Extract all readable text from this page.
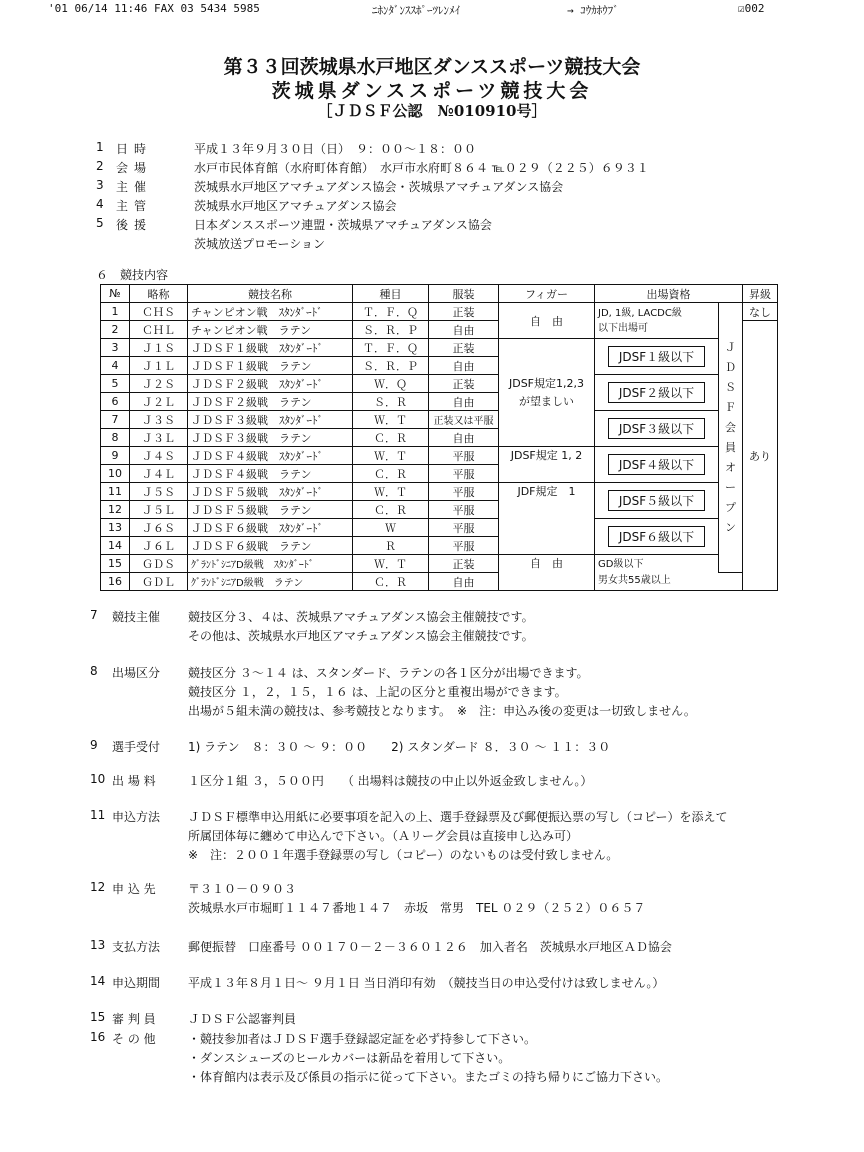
'01 06/14 11:46 FAX 03 5434 5985	ﾆﾎﾝﾀﾞﾝｽｽﾎﾟｰﾂﾚﾝﾒｲ	→ ｺｳｶﾎｳﾌﾞ	☑002
第３３回茨城県水戸地区ダンススポーツ競技大会
茨城県ダンススポーツ競技大会
［ＪＤＳＦ公認　№010910号］
1	日時	平成１３年９月３０日（日）　９：００～１８：００
2	会場	水戸市民体育館（水府町体育館）　水戸市水府町８６４ ℡０２９（２２５）６９３１
3	主催	茨城県水戸地区アマチュアダンス協会・茨城県アマチュアダンス協会
4	主管	茨城県水戸地区アマチュアダンス協会
5	後援	日本ダンススポーツ連盟・茨城県アマチュアダンス協会
茨城放送プロモーション
６　競技内容
№	略称	競技名称	種目	服装	フィガー	出場資格		昇級
1	ＣＨＳ	チャンピオン戦　ｽﾀﾝﾀﾞｰﾄﾞ	Ｔ．Ｆ．Ｑ	正装	自　由	JD, 1級, LACDC級
以下出場可	ＪＤＳＦ会員オープン	なし
2	ＣＨＬ	チャンピオン戦　ラテン	Ｓ．Ｒ．Ｐ	自由				あり
3	Ｊ１Ｓ	ＪＤＳＦ１級戦　ｽﾀﾝﾀﾞｰﾄﾞ	Ｔ．Ｆ．Ｑ	正装	JDSF規定1,2,3
が望ましい	JDSF１級以下		
4	Ｊ１Ｌ	ＪＤＳＦ１級戦　ラテン	Ｓ．Ｒ．Ｐ	自由				
5	Ｊ２Ｓ	ＪＤＳＦ２級戦　ｽﾀﾝﾀﾞｰﾄﾞ	Ｗ．Ｑ	正装		JDSF２級以下		
6	Ｊ２Ｌ	ＪＤＳＦ２級戦　ラテン	Ｓ．Ｒ	自由				
7	Ｊ３Ｓ	ＪＤＳＦ３級戦　ｽﾀﾝﾀﾞｰﾄﾞ	Ｗ．Ｔ	正装又は平服		JDSF３級以下		
8	Ｊ３Ｌ	ＪＤＳＦ３級戦　ラテン	Ｃ．Ｒ	自由				
9	Ｊ４Ｓ	ＪＤＳＦ４級戦　ｽﾀﾝﾀﾞｰﾄﾞ	Ｗ．Ｔ	平服	JDSF規定 1, 2	JDSF４級以下		
10	Ｊ４Ｌ	ＪＤＳＦ４級戦　ラテン	Ｃ．Ｒ	平服				
11	Ｊ５Ｓ	ＪＤＳＦ５級戦　ｽﾀﾝﾀﾞｰﾄﾞ	Ｗ．Ｔ	平服	JDF規定　1	JDSF５級以下		
12	Ｊ５Ｌ	ＪＤＳＦ５級戦　ラテン	Ｃ．Ｒ	平服				
13	Ｊ６Ｓ	ＪＤＳＦ６級戦　ｽﾀﾝﾀﾞｰﾄﾞ	Ｗ	平服		JDSF６級以下		
14	Ｊ６Ｌ	ＪＤＳＦ６級戦　ラテン	Ｒ	平服				
15	ＧＤＳ	ｸﾞﾗﾝﾄﾞｼﾆｱD級戦　ｽﾀﾝﾀﾞｰﾄﾞ	Ｗ．Ｔ	正装	自　由	GD級以下
男女共55歳以上		

16	ＧＤＬ	ｸﾞﾗﾝﾄﾞｼﾆｱD級戦　ラテン	Ｃ．Ｒ	自由				
7	競技主催	競技区分３、４は、茨城県アマチュアダンス協会主催競技です。
その他は、茨城県水戸地区アマチュアダンス協会主催競技です。
8	出場区分	競技区分 ３～１４ は、スタンダード、ラテンの各１区分が出場できます。
競技区分 １，２，１５，１６ は、上記の区分と重複出場ができます。
出場が５組未満の競技は、参考競技となります。　※　注：申込み後の変更は一切致しません。
9	選手受付	1) ラテン　８：３０ ～ ９：００　　2) スタンダード ８．３０ ～ １１：３０
10 出 場 料	１区分１組 ３，５００円　　（ 出場料は競技の中止以外返金致しません。）
11 申込方法	ＪＤＳＦ標準申込用紙に必要事項を記入の上、選手登録票及び郵便振込票の写し（コピー）を添えて
所属団体毎に纏めて申込んで下さい。（Ａリーグ会員は直接申し込み可）
※　注：２００１年選手登録票の写し（コピー）のないものは受付致しません。
12 申 込 先	〒３１０－０９０３
茨城県水戸市堀町１１４７番地１４７　赤坂　常男　TEL ０２９（２５２）０６５７
13 支払方法	郵便振替　口座番号 ００１７０－２－３６０１２６　加入者名　茨城県水戸地区ＡＤ協会
14 申込期間	平成１３年８月１日～ ９月１日 当日消印有効　（競技当日の申込受付けは致しません。）
15 審 判 員	ＪＤＳＦ公認審判員
16 そ の 他	・競技参加者はＪＤＳＦ選手登録認定証を必ず持参して下さい。
・ダンスシューズのヒールカバーは新品を着用して下さい。
・体育館内は表示及び係員の指示に従って下さい。またゴミの持ち帰りにご協力下さい。
